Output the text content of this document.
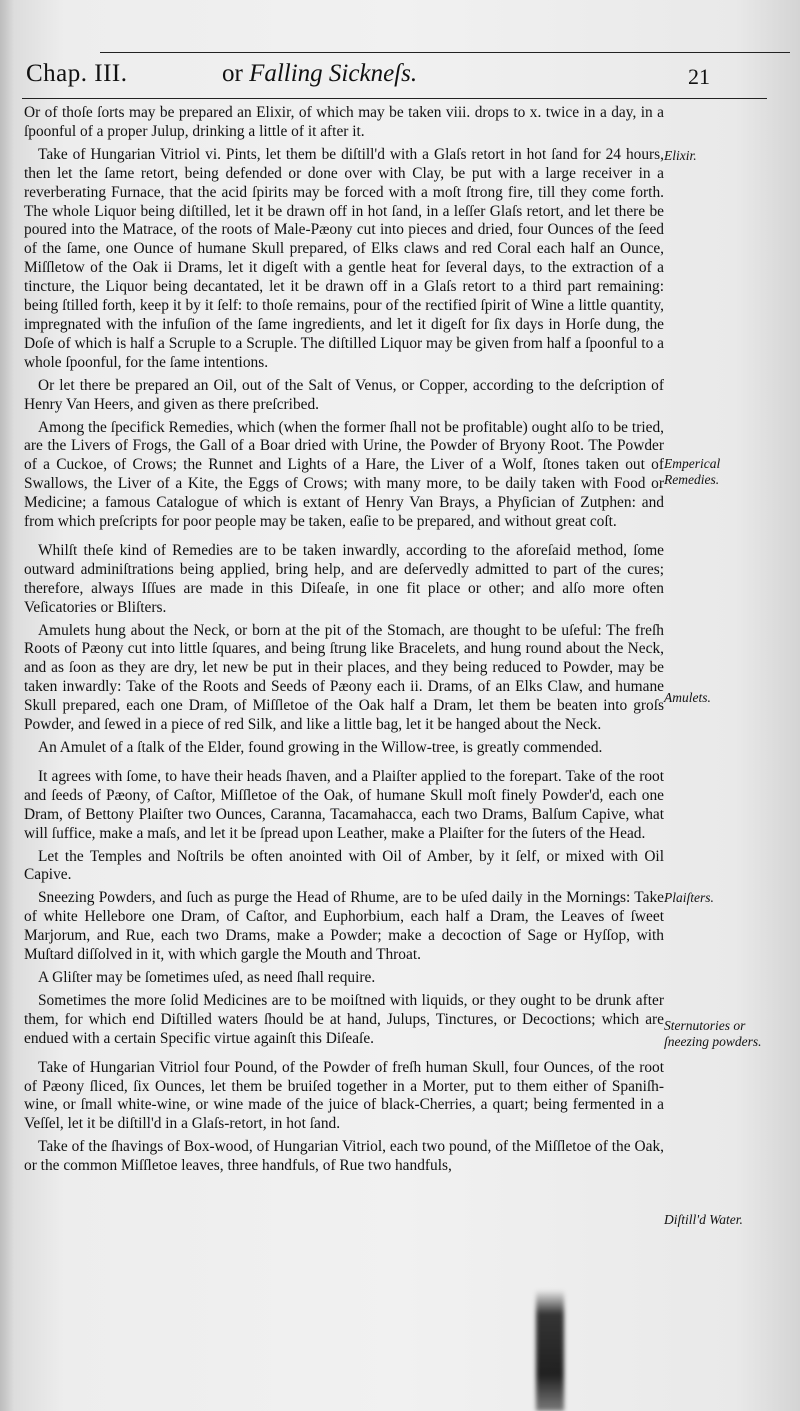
Chap. III.	or Falling Sickneſs.	21

Or of thoſe ſorts may be prepared an Elixir, of which may be taken viii. drops to x. twice in a day, in a ſpoonful of a proper Julup, drinking a little of it after it.

Take of Hungarian Vitriol vi. Pints, let them be diſtill'd with a Glaſs retort in hot ſand for 24 hours, then let the ſame retort, being defended or done over with Clay, be put with a large receiver in a reverberating Furnace, that the acid ſpirits may be forced with a moſt ſtrong fire, till they come forth. The whole Liquor being diſtilled, let it be drawn off in hot ſand, in a leſſer Glaſs retort, and let there be poured into the Matrace, of the roots of Male-Pæony cut into pieces and dried, four Ounces of the ſeed of the ſame, one Ounce of humane Skull prepared, of Elks claws and red Coral each half an Ounce, Miſſletow of the Oak ii Drams, let it digeſt with a gentle heat for ſeveral days, to the extraction of a tincture, the Liquor being decantated, let it be drawn off in a Glaſs retort to a third part remaining: being ſtilled forth, keep it by it ſelf: to thoſe remains, pour of the rectified ſpirit of Wine a little quantity, impregnated with the infuſion of the ſame ingredients, and let it digeſt for ſix days in Horſe dung, the Doſe of which is half a Scruple to a Scruple. The diſtilled Liquor may be given from half a ſpoonful to a whole ſpoonful, for the ſame intentions.

Or let there be prepared an Oil, out of the Salt of Venus, or Copper, according to the deſcription of Henry Van Heers, and given as there preſcribed.

Among the ſpecifick Remedies, which (when the former ſhall not be profitable) ought alſo to be tried, are the Livers of Frogs, the Gall of a Boar dried with Urine, the Powder of Bryony Root. The Powder of a Cuckoe, of Crows; the Runnet and Lights of a Hare, the Liver of a Wolf, ſtones taken out of Swallows, the Liver of a Kite, the Eggs of Crows; with many more, to be daily taken with Food or Medicine; a famous Catalogue of which is extant of Henry Van Brays, a Phyſician of Zutphen: and from which preſcripts for poor people may be taken, eaſie to be prepared, and without great coſt.

Whilſt theſe kind of Remedies are to be taken inwardly, according to the aforeſaid method, ſome outward adminiſtrations being applied, bring help, and are deſervedly admitted to part of the cures; therefore, always Iſſues are made in this Diſeaſe, in one fit place or other; and alſo more often Veſicatories or Bliſters.

Amulets hung about the Neck, or born at the pit of the Stomach, are thought to be uſeful: The freſh Roots of Pæony cut into little ſquares, and being ſtrung like Bracelets, and hung round about the Neck, and as ſoon as they are dry, let new be put in their places, and they being reduced to Powder, may be taken inwardly: Take of the Roots and Seeds of Pæony each ii. Drams, of an Elks Claw, and humane Skull prepared, each one Dram, of Miſſletoe of the Oak half a Dram, let them be beaten into groſs Powder, and ſewed in a piece of red Silk, and like a little bag, let it be hanged about the Neck.

An Amulet of a ſtalk of the Elder, found growing in the Willow-tree, is greatly commended.

It agrees with ſome, to have their heads ſhaven, and a Plaiſter applied to the forepart. Take of the root and ſeeds of Pæony, of Caſtor, Miſſletoe of the Oak, of humane Skull moſt finely Powder'd, each one Dram, of Bettony Plaiſter two Ounces, Caranna, Tacamahacca, each two Drams, Balſum Capive, what will ſuffice, make a maſs, and let it be ſpread upon Leather, make a Plaiſter for the ſuters of the Head.

Let the Temples and Noſtrils be often anointed with Oil of Amber, by it ſelf, or mixed with Oil Capive.

Sneezing Powders, and ſuch as purge the Head of Rhume, are to be uſed daily in the Mornings: Take of white Hellebore one Dram, of Caſtor, and Euphorbium, each half a Dram, the Leaves of ſweet Marjorum, and Rue, each two Drams, make a Powder; make a decoction of Sage or Hyſſop, with Muſtard diſſolved in it, with which gargle the Mouth and Throat.

A Gliſter may be ſometimes uſed, as need ſhall require.

Sometimes the more ſolid Medicines are to be moiſtned with liquids, or they ought to be drunk after them, for which end Diſtilled waters ſhould be at hand, Julups, Tinctures, or Decoctions; which are endued with a certain Specific virtue againſt this Diſeaſe.

Take of Hungarian Vitriol four Pound, of the Powder of freſh human Skull, four Ounces, of the root of Pæony ſliced, ſix Ounces, let them be bruiſed together in a Morter, put to them either of Spaniſh-wine, or ſmall white-wine, or wine made of the juice of black-Cherries, a quart; being fermented in a Veſſel, let it be diſtill'd in a Glaſs-retort, in hot ſand.

Take of the ſhavings of Box-wood, of Hungarian Vitriol, each two pound, of the Miſſletoe of the Oak, or the common Miſſletoe leaves, three handfuls, of Rue two handfuls,

Elixir.
Emperical Remedies.
Amulets.
Plaiſters.
Sternutories or ſneezing powders.
Diſtill'd Water.
